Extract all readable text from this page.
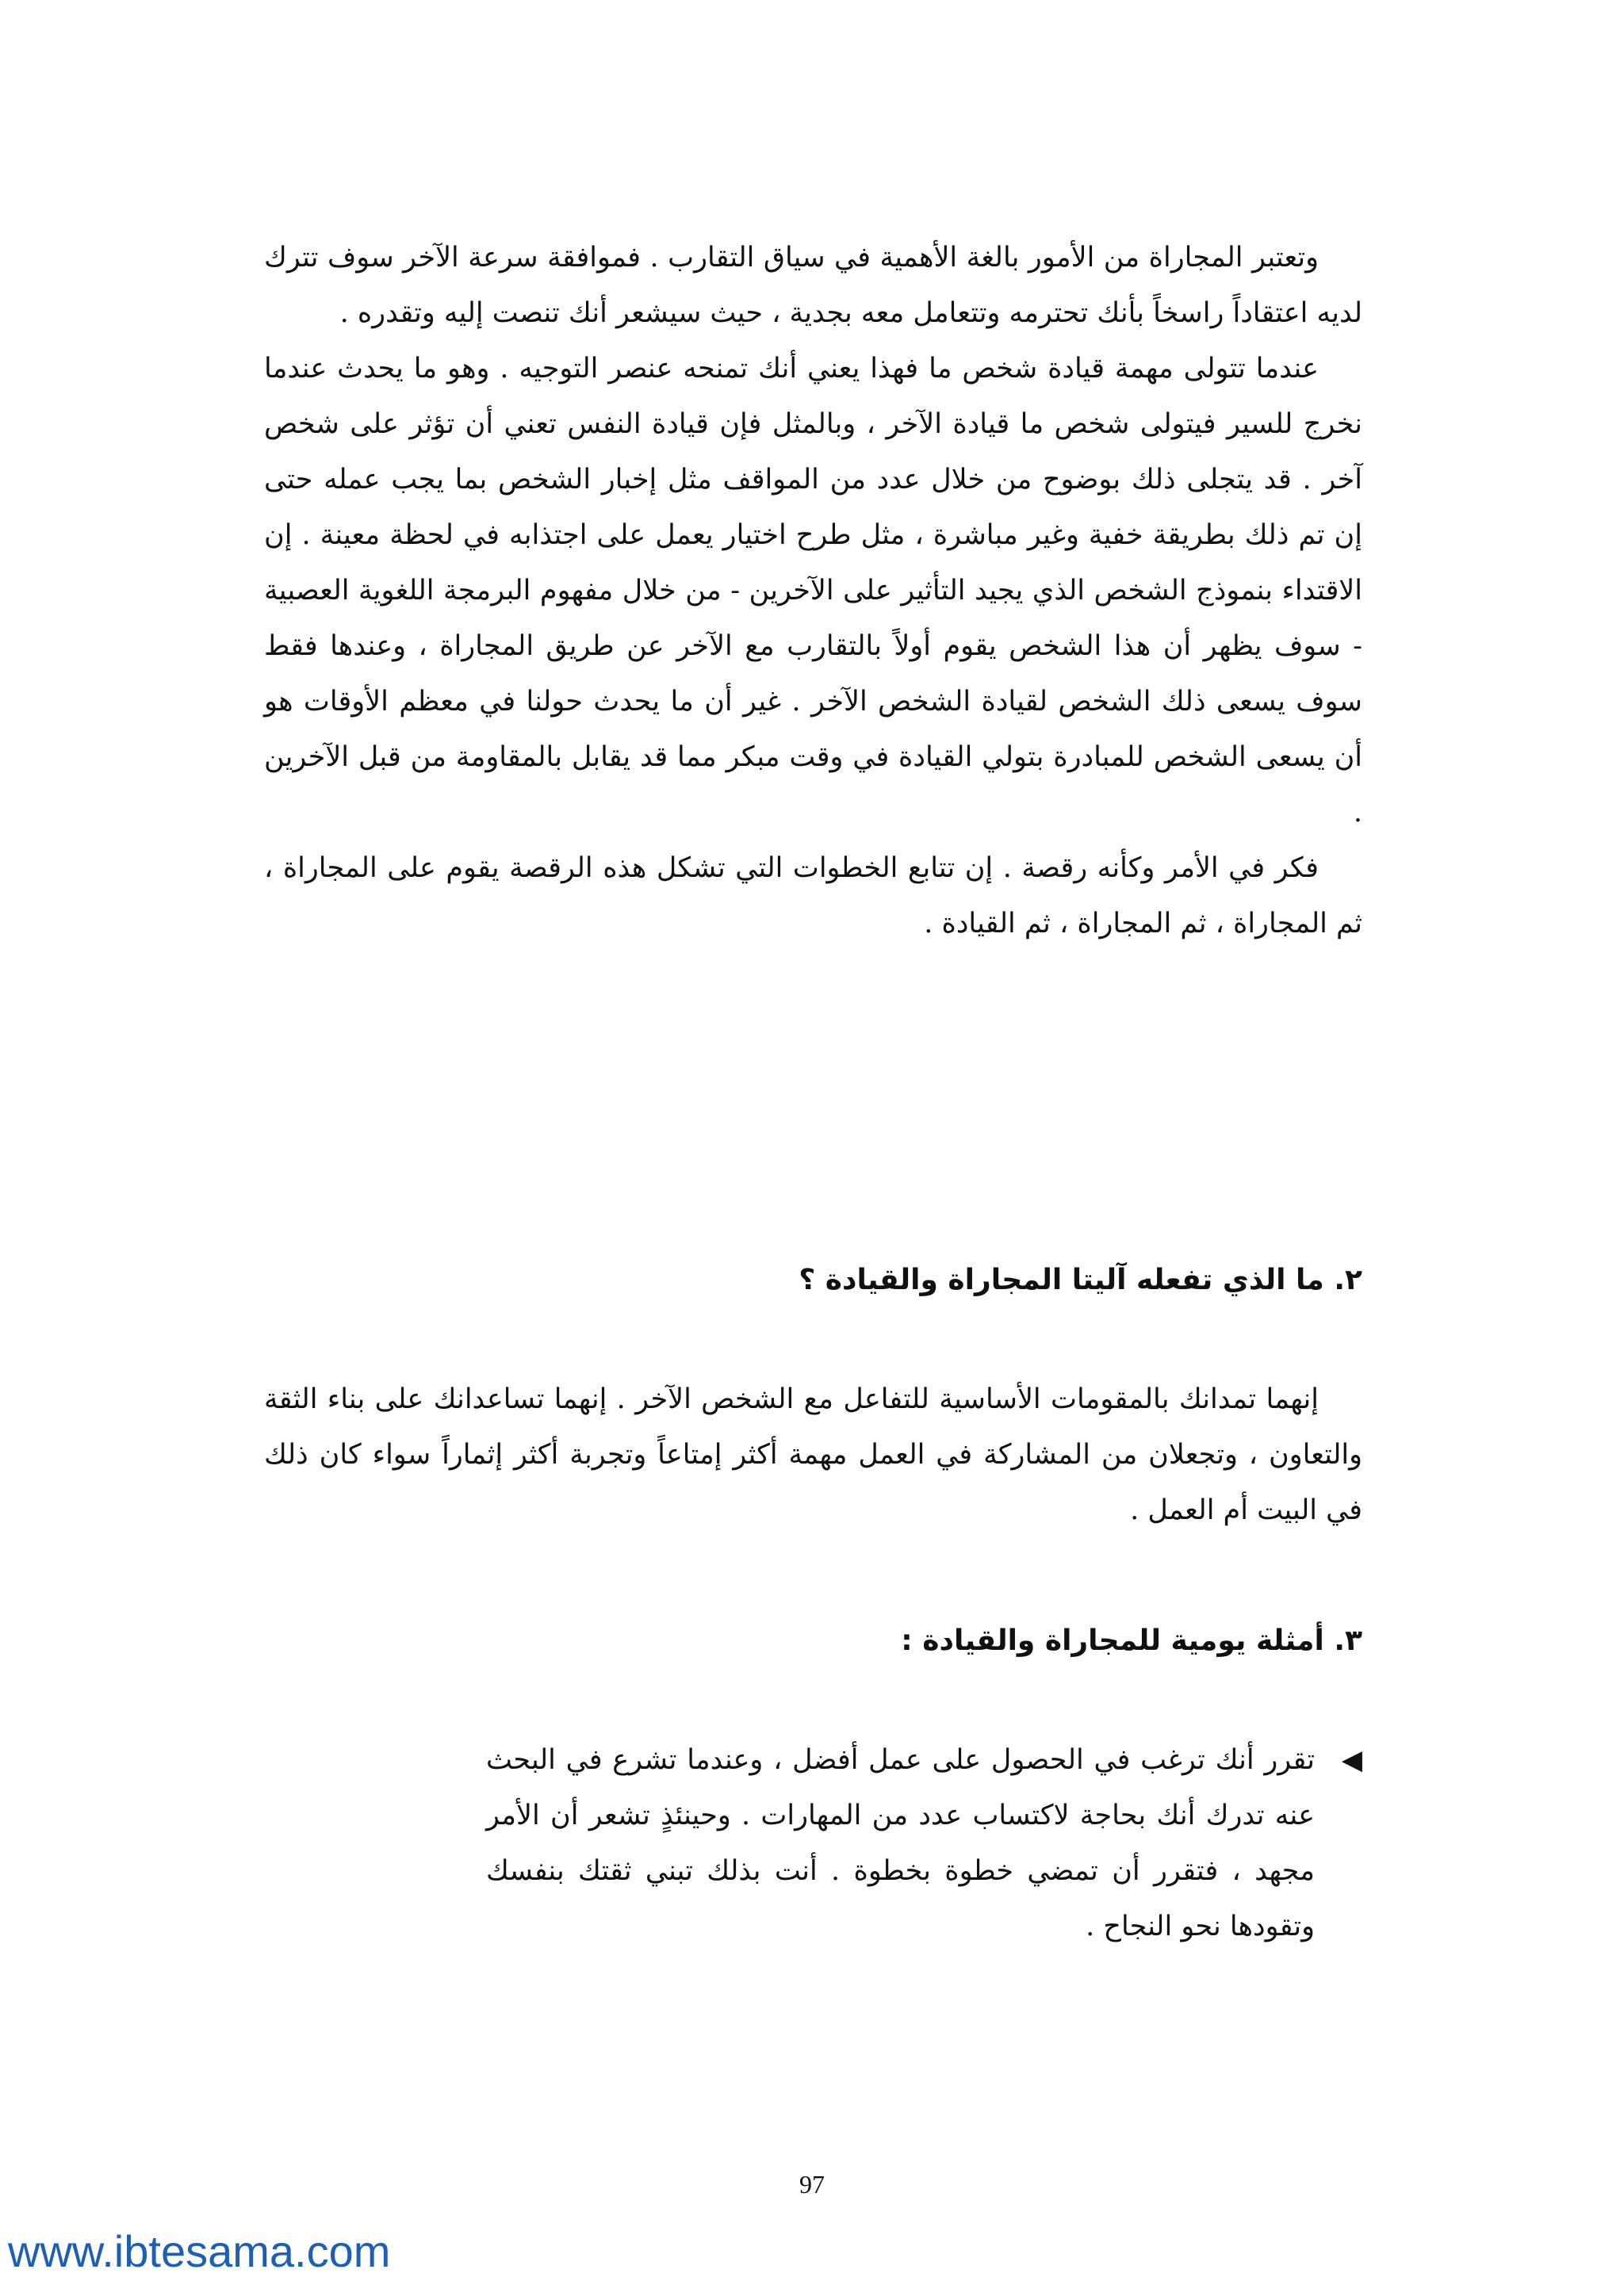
وتعتبر المجاراة من الأمور بالغة الأهمية في سياق التقارب . فموافقة سرعة الآخر سوف تترك لديه اعتقاداً راسخاً بأنك تحترمه وتتعامل معه بجدية ، حيث سيشعر أنك تنصت إليه وتقدره .

عندما تتولى مهمة قيادة شخص ما فهذا يعني أنك تمنحه عنصر التوجيه . وهو ما يحدث عندما نخرج للسير فيتولى شخص ما قيادة الآخر ، وبالمثل فإن قيادة النفس تعني أن تؤثر على شخص آخر . قد يتجلى ذلك بوضوح من خلال عدد من المواقف مثل إخبار الشخص بما يجب عمله حتى إن تم ذلك بطريقة خفية وغير مباشرة ، مثل طرح اختيار يعمل على اجتذابه في لحظة معينة . إن الاقتداء بنموذج الشخص الذي يجيد التأثير على الآخرين - من خلال مفهوم البرمجة اللغوية العصبية - سوف يظهر أن هذا الشخص يقوم أولاً بالتقارب مع الآخر عن طريق المجاراة ، وعندها فقط سوف يسعى ذلك الشخص لقيادة الشخص الآخر . غير أن ما يحدث حولنا في معظم الأوقات هو أن يسعى الشخص للمبادرة بتولي القيادة في وقت مبكر مما قد يقابل بالمقاومة من قبل الآخرين .

فكر في الأمر وكأنه رقصة . إن تتابع الخطوات التي تشكل هذه الرقصة يقوم على المجاراة ، ثم المجاراة ، ثم المجاراة ، ثم القيادة .

٢. ما الذي تفعله آليتا المجاراة والقيادة ؟

إنهما تمدانك بالمقومات الأساسية للتفاعل مع الشخص الآخر . إنهما تساعدانك على بناء الثقة والتعاون ، وتجعلان من المشاركة في العمل مهمة أكثر إمتاعاً وتجربة أكثر إثماراً سواء كان ذلك في البيت أم العمل .

٣. أمثلة يومية للمجاراة والقيادة :
◀
تقرر أنك ترغب في الحصول على عمل أفضل ، وعندما تشرع في البحث عنه تدرك أنك بحاجة لاكتساب عدد من المهارات . وحينئذٍ تشعر أن الأمر مجهد ، فتقرر أن تمضي خطوة بخطوة . أنت بذلك تبني ثقتك بنفسك وتقودها نحو النجاح .
97
www.ibtesama.com
